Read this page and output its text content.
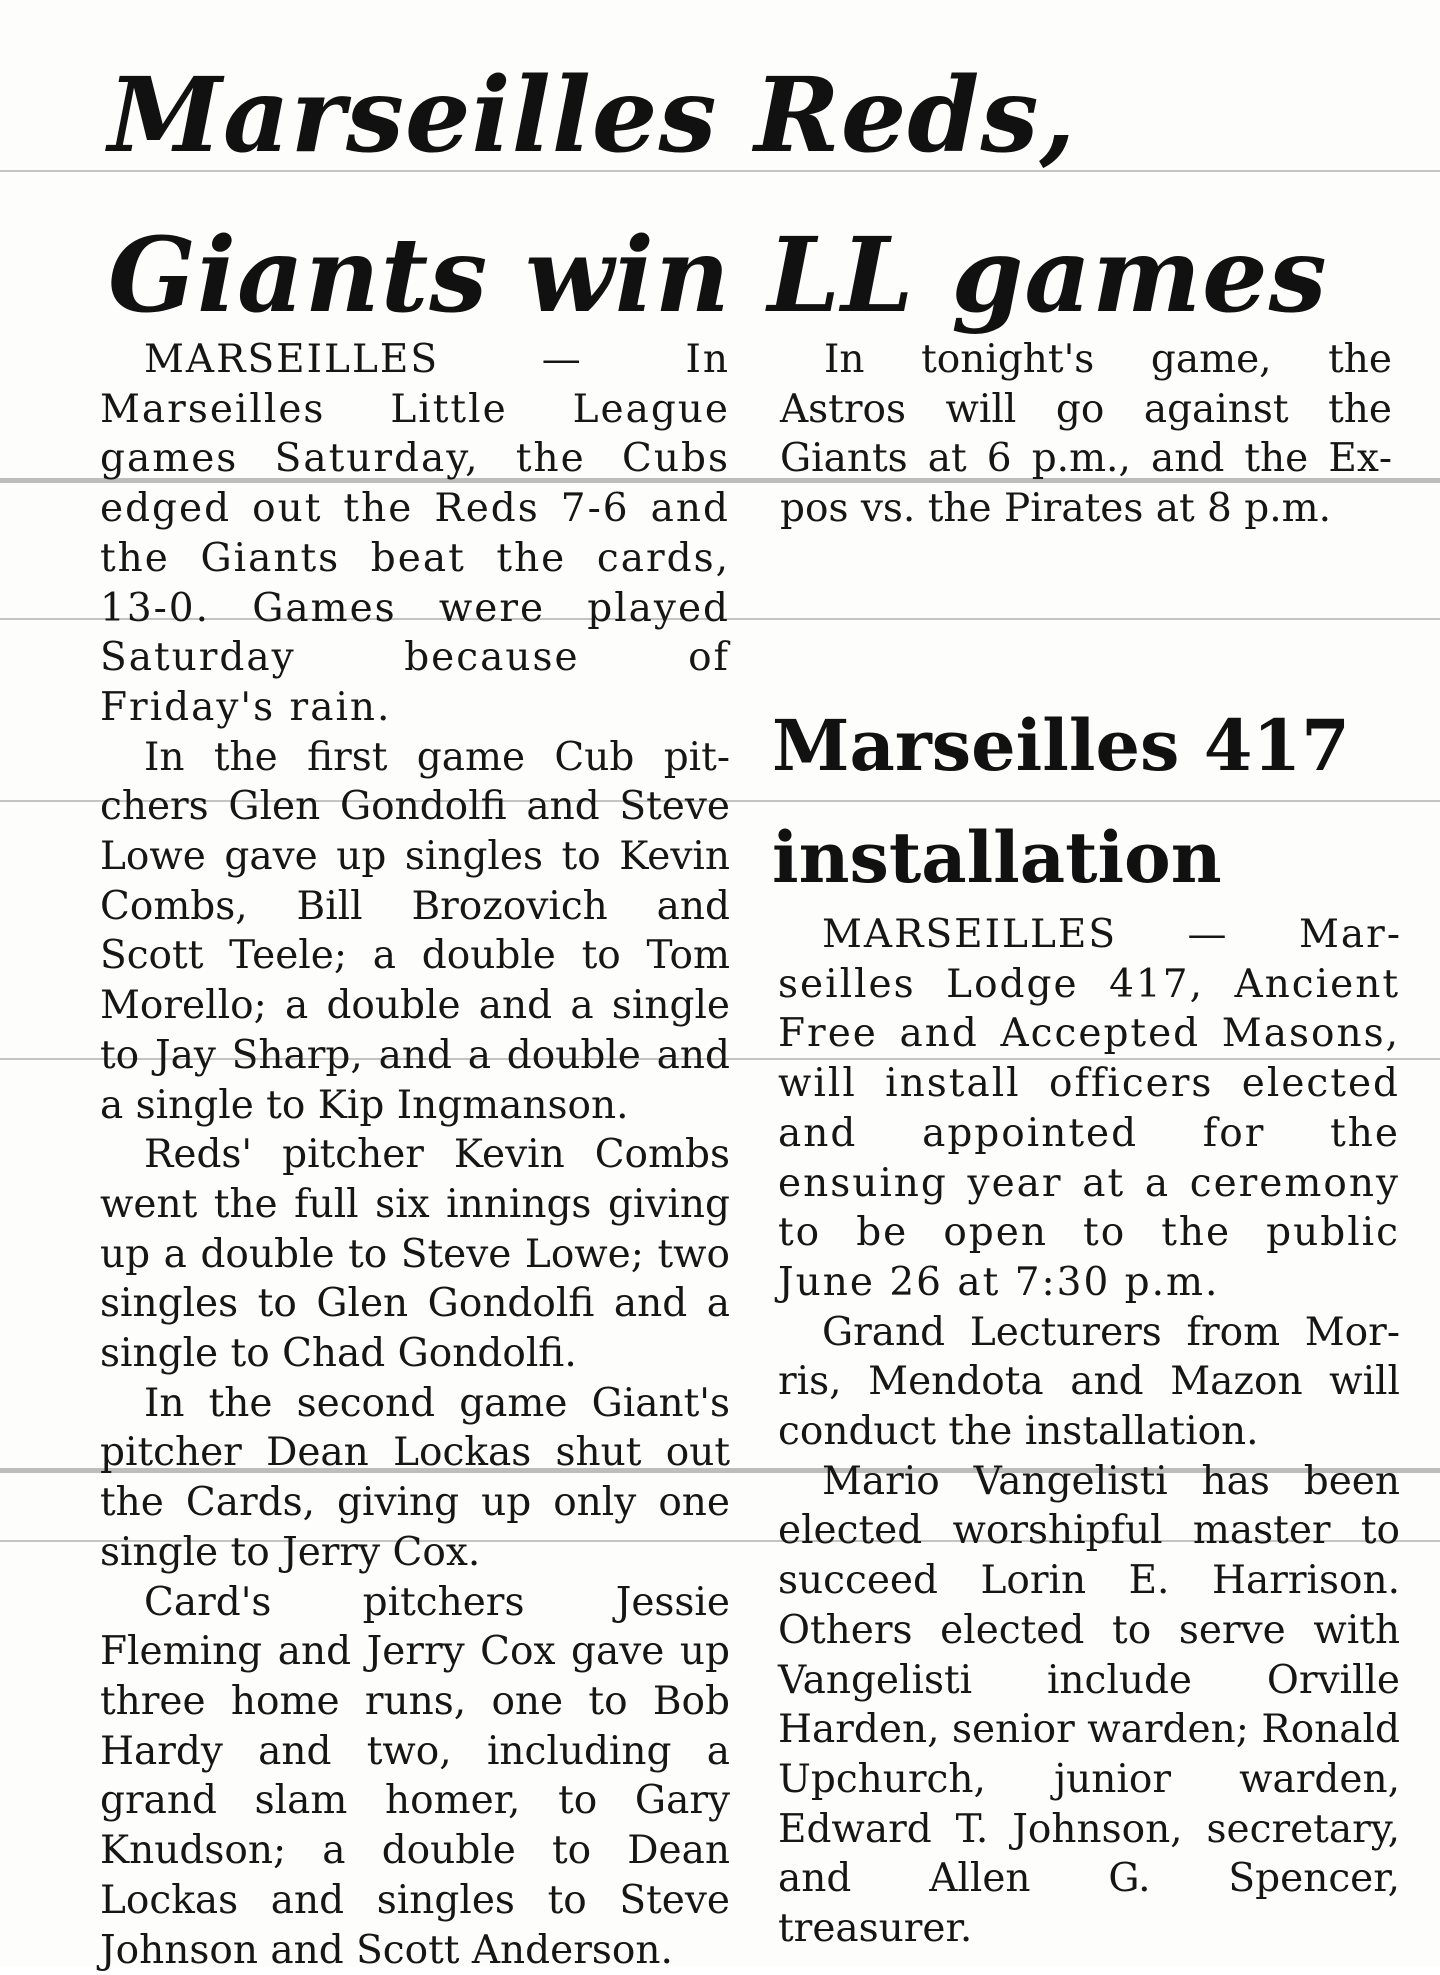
Marseilles Reds,
Giants win LL games

MARSEILLES — In Marseilles Little League games Saturday, the Cubs edged out the Reds 7-6 and the Giants beat the cards, 13-0. Games were played Saturday because of Friday's rain.

In the first game Cub pitchers Glen Gondolfi and Steve Lowe gave up singles to Kevin Combs, Bill Brozovich and Scott Teele; a double to Tom Morello; a double and a single to Jay Sharp, and a double and a single to Kip Ingmanson.

Reds' pitcher Kevin Combs went the full six innings giving up a double to Steve Lowe; two singles to Glen Gondolfi and a single to Chad Gondolfi.

In the second game Giant's pitcher Dean Lockas shut out the Cards, giving up only one single to Jerry Cox.

Card's pitchers Jessie Fleming and Jerry Cox gave up three home runs, one to Bob Hardy and two, including a grand slam homer, to Gary Knudson; a double to Dean Lockas and singles to Steve Johnson and Scott Anderson.

In tonight's game, the Astros will go against the Giants at 6 p.m., and the Expos vs. the Pirates at 8 p.m.

Marseilles 417
installation

MARSEILLES — Marseilles Lodge 417, Ancient Free and Accepted Masons, will install officers elected and appointed for the ensuing year at a ceremony to be open to the public June 26 at 7:30 p.m.

Grand Lecturers from Morris, Mendota and Mazon will conduct the installation.

Mario Vangelisti has been elected worshipful master to succeed Lorin E. Harrison. Others elected to serve with Vangelisti include Orville Harden, senior warden; Ronald Upchurch, junior warden, Edward T. Johnson, secretary, and Allen G. Spencer, treasurer.
